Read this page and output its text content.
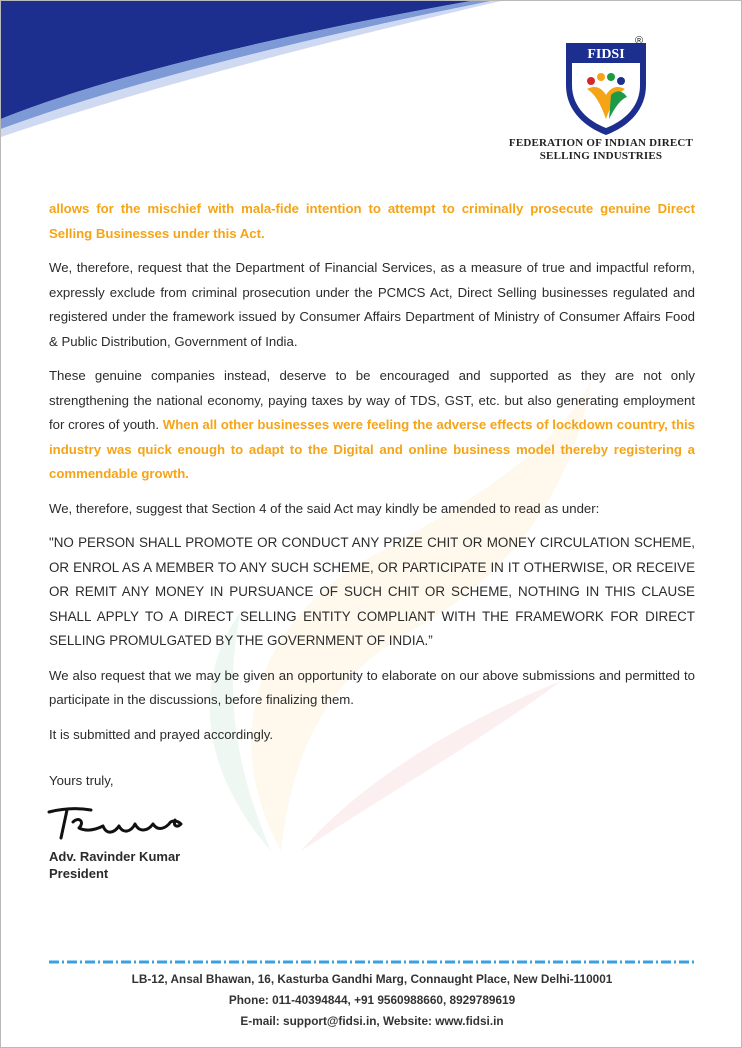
FIDSI
®
FEDERATION OF INDIAN DIRECT
SELLING INDUSTRIES

allows for the mischief with mala-fide intention to attempt to criminally prosecute genuine Direct Selling Businesses under this Act.

We, therefore, request that the Department of Financial Services, as a measure of true and impactful reform, expressly exclude from criminal prosecution under the PCMCS Act, Direct Selling businesses regulated and registered under the framework issued by Consumer Affairs Department of Ministry of Consumer Affairs Food & Public Distribution, Government of India.

These genuine companies instead, deserve to be encouraged and supported as they are not only strengthening the national economy, paying taxes by way of TDS, GST, etc. but also generating employment for crores of youth. When all other businesses were feeling the adverse effects of lockdown country, this industry was quick enough to adapt to the Digital and online business model thereby registering a commendable growth.

We, therefore, suggest that Section 4 of the said Act may kindly be amended to read as under:

"NO PERSON SHALL PROMOTE OR CONDUCT ANY PRIZE CHIT OR MONEY CIRCULATION SCHEME, OR ENROL AS A MEMBER TO ANY SUCH SCHEME, OR PARTICIPATE IN IT OTHERWISE, OR RECEIVE OR REMIT ANY MONEY IN PURSUANCE OF SUCH CHIT OR SCHEME, NOTHING IN THIS CLAUSE SHALL APPLY TO A DIRECT SELLING ENTITY COMPLIANT WITH THE FRAMEWORK FOR DIRECT SELLING PROMULGATED BY THE GOVERNMENT OF INDIA.”

We also request that we may be given an opportunity to elaborate on our above submissions and permitted to participate in the discussions, before finalizing them.

It is submitted and prayed accordingly.

Yours truly,
Adv. Ravinder Kumar
President
LB-12, Ansal Bhawan, 16, Kasturba Gandhi Marg, Connaught Place, New Delhi-110001
Phone: 011-40394844, +91 9560988660, 8929789619
E-mail: support@fidsi.in, Website: www.fidsi.in
